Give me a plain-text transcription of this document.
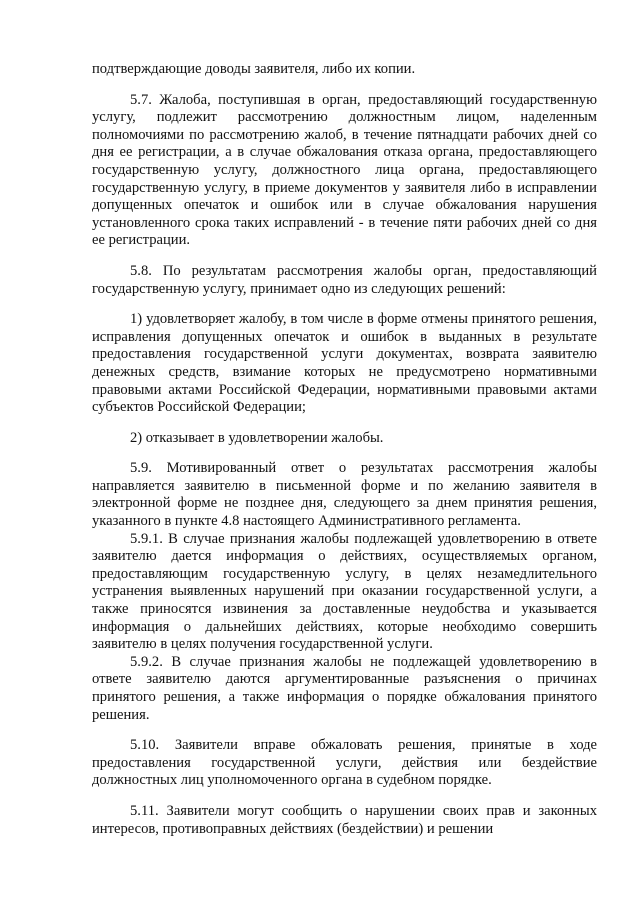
подтверждающие доводы заявителя, либо их копии.

5.7. Жалоба, поступившая в орган, предоставляющий государственную услугу, подлежит рассмотрению должностным лицом, наделенным полномочиями по рассмотрению жалоб, в течение пятнадцати рабочих дней со дня ее регистрации, а в случае обжалования отказа органа, предоставляющего государственную услугу, должностного лица органа, предоставляющего государственную услугу, в приеме документов у заявителя либо в исправлении допущенных опечаток и ошибок или в случае обжалования нарушения установленного срока таких исправлений - в течение пяти рабочих дней со дня ее регистрации.

5.8. По результатам рассмотрения жалобы орган, предоставляющий государственную услугу, принимает одно из следующих решений:

1) удовлетворяет жалобу, в том числе в форме отмены принятого решения, исправления допущенных опечаток и ошибок в выданных в результате предоставления государственной услуги документах, возврата заявителю денежных средств, взимание которых не предусмотрено нормативными правовыми актами Российской Федерации, нормативными правовыми актами субъектов Российской Федерации;

2) отказывает в удовлетворении жалобы.

5.9. Мотивированный ответ о результатах рассмотрения жалобы направляется заявителю в письменной форме и по желанию заявителя в электронной форме не позднее дня, следующего за днем принятия решения, указанного в пункте 4.8 настоящего Административного регламента.

5.9.1. В случае признания жалобы подлежащей удовлетворению в ответе заявителю дается информация о действиях, осуществляемых органом, предоставляющим государственную услугу, в целях незамедлительного устранения выявленных нарушений при оказании государственной услуги, а также приносятся извинения за доставленные неудобства и указывается информация о дальнейших действиях, которые необходимо совершить заявителю в целях получения государственной услуги.

5.9.2. В случае признания жалобы не подлежащей удовлетворению в ответе заявителю даются аргументированные разъяснения о причинах принятого решения, а также информация о порядке обжалования принятого решения.

5.10. Заявители вправе обжаловать решения, принятые в ходе предоставления государственной услуги, действия или бездействие должностных лиц уполномоченного органа в судебном порядке.

5.11. Заявители могут сообщить о нарушении своих прав и законных интересов, противоправных действиях (бездействии) и решении
